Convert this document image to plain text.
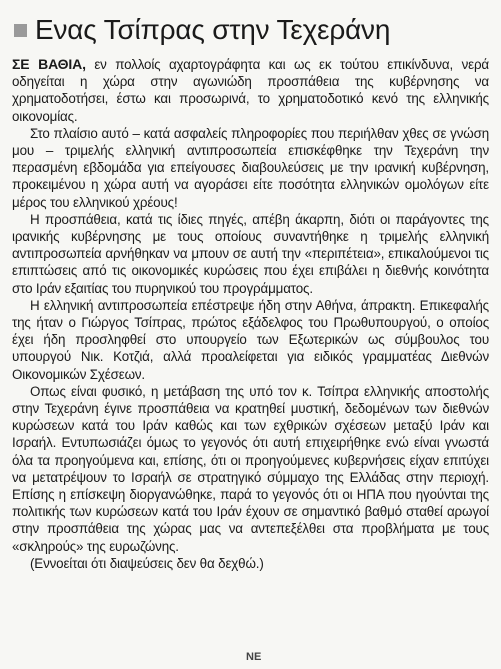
Ενας Τσίπρας στην Τεχεράνη

ΣΕ ΒΑΘΙΑ, εν πολλοίς αχαρτογράφητα και ως εκ τούτου επικίνδυνα, νερά οδηγείται η χώρα στην αγωνιώδη προσπάθεια της κυβέρνησης να χρηματοδοτήσει, έστω και προσωρινά, το χρηματοδοτικό κενό της ελληνικής οικονομίας.

Στο πλαίσιο αυτό – κατά ασφαλείς πληροφορίες που περιήλθαν χθες σε γνώση μου – τριμελής ελληνική αντιπροσωπεία επισκέφθηκε την Τεχεράνη την περασμένη εβδομάδα για επείγουσες διαβουλεύσεις με την ιρανική κυβέρνηση, προκειμένου η χώρα αυτή να αγοράσει είτε ποσότητα ελληνικών ομολόγων είτε μέρος του ελληνικού χρέους!

Η προσπάθεια, κατά τις ίδιες πηγές, απέβη άκαρπη, διότι οι παράγοντες της ιρανικής κυβέρνησης με τους οποίους συναντήθηκε η τριμελής ελληνική αντιπροσωπεία αρνήθηκαν να μπουν σε αυτή την «περιπέτεια», επικαλούμενοι τις επιπτώσεις από τις οικονομικές κυρώσεις που έχει επιβάλει η διεθνής κοινότητα στο Ιράν εξαιτίας του πυρηνικού του προγράμματος.

Η ελληνική αντιπροσωπεία επέστρεψε ήδη στην Αθήνα, άπρακτη. Επικεφαλής της ήταν ο Γιώργος Τσίπρας, πρώτος εξάδελφος του Πρωθυπουργού, ο οποίος έχει ήδη προσληφθεί στο υπουργείο των Εξωτερικών ως σύμβουλος του υπουργού Νικ. Κοτζιά, αλλά προαλείφεται για ειδικός γραμματέας Διεθνών Οικονομικών Σχέσεων.

Οπως είναι φυσικό, η μετάβαση της υπό τον κ. Τσίπρα ελληνικής αποστολής στην Τεχεράνη έγινε προσπάθεια να κρατηθεί μυστική, δεδομένων των διεθνών κυρώσεων κατά του Ιράν καθώς και των εχθρικών σχέσεων μεταξύ Ιράν και Ισραήλ. Εντυπωσιάζει όμως το γεγονός ότι αυτή επιχειρήθηκε ενώ είναι γνωστά όλα τα προηγούμενα και, επίσης, ότι οι προηγούμενες κυβερνήσεις είχαν επιτύχει να μετατρέψουν το Ισραήλ σε στρατηγικό σύμμαχο της Ελλάδας στην περιοχή. Επίσης η επίσκεψη διοργανώθηκε, παρά το γεγονός ότι οι ΗΠΑ που ηγούνται της πολιτικής των κυρώσεων κατά του Ιράν έχουν σε σημαντικό βαθμό σταθεί αρωγοί στην προσπάθεια της χώρας μας να αντεπεξέλθει στα προβλήματα με τους «σκληρούς» της ευρωζώνης.

(Εννοείται ότι διαψεύσεις δεν θα δεχθώ.)

ΝΕ
